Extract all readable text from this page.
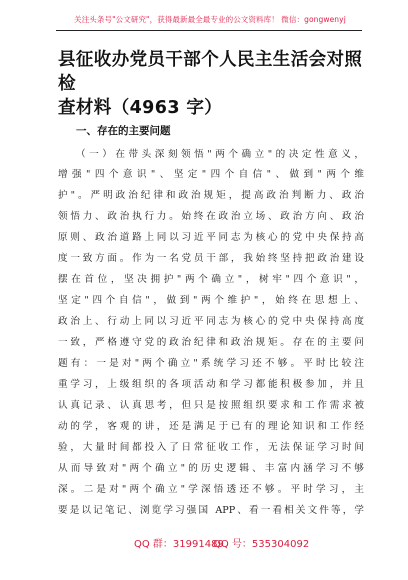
关注头条号"公文研究"，获得最新最全最专业的公文资料库！ 微信：gongwenyj
县征收办党员干部个人民主生活会对照检
查材料（4963 字）
一、存在的主要问题
（一）在带头深刻领悟"两个确立"的决定性意义，
增强"四个意识"、坚定"四个自信"、做到"两个维
护"。严明政治纪律和政治规矩，提高政治判断力、政治
领悟力、政治执行力。始终在政治立场、政治方向、政治
原则、政治道路上同以习近平同志为核心的党中央保持高
度一致方面。作为一名党员干部，我始终坚持把政治建设
摆在首位，坚决拥护"两个确立"，树牢"四个意识"，
坚定"四个自信"，做到"两个维护"，始终在思想上、
政治上、行动上同以习近平同志为核心的党中央保持高度
一致，严格遵守党的政治纪律和政治规矩。存在的主要问
题有：一是对"两个确立"系统学习还不够。平时比较注
重学习，上级组织的各项活动和学习都能积极参加，并且
认真记录、认真思考，但只是按照组织要求和工作需求被
动的学，客观的讲，还是满足于已有的理论知识和工作经
验，大量时间都投入了日常征收工作，无法保证学习时间
从而导致对"两个确立"的历史逻辑、丰富内涵学习不够
深。二是对"两个确立"学深悟透还不够。平时学习，主
要是以记笔记、浏览学习强国 APP、看一看相关文件等，学
QQ 群：31991489
QQ 号：535304092
